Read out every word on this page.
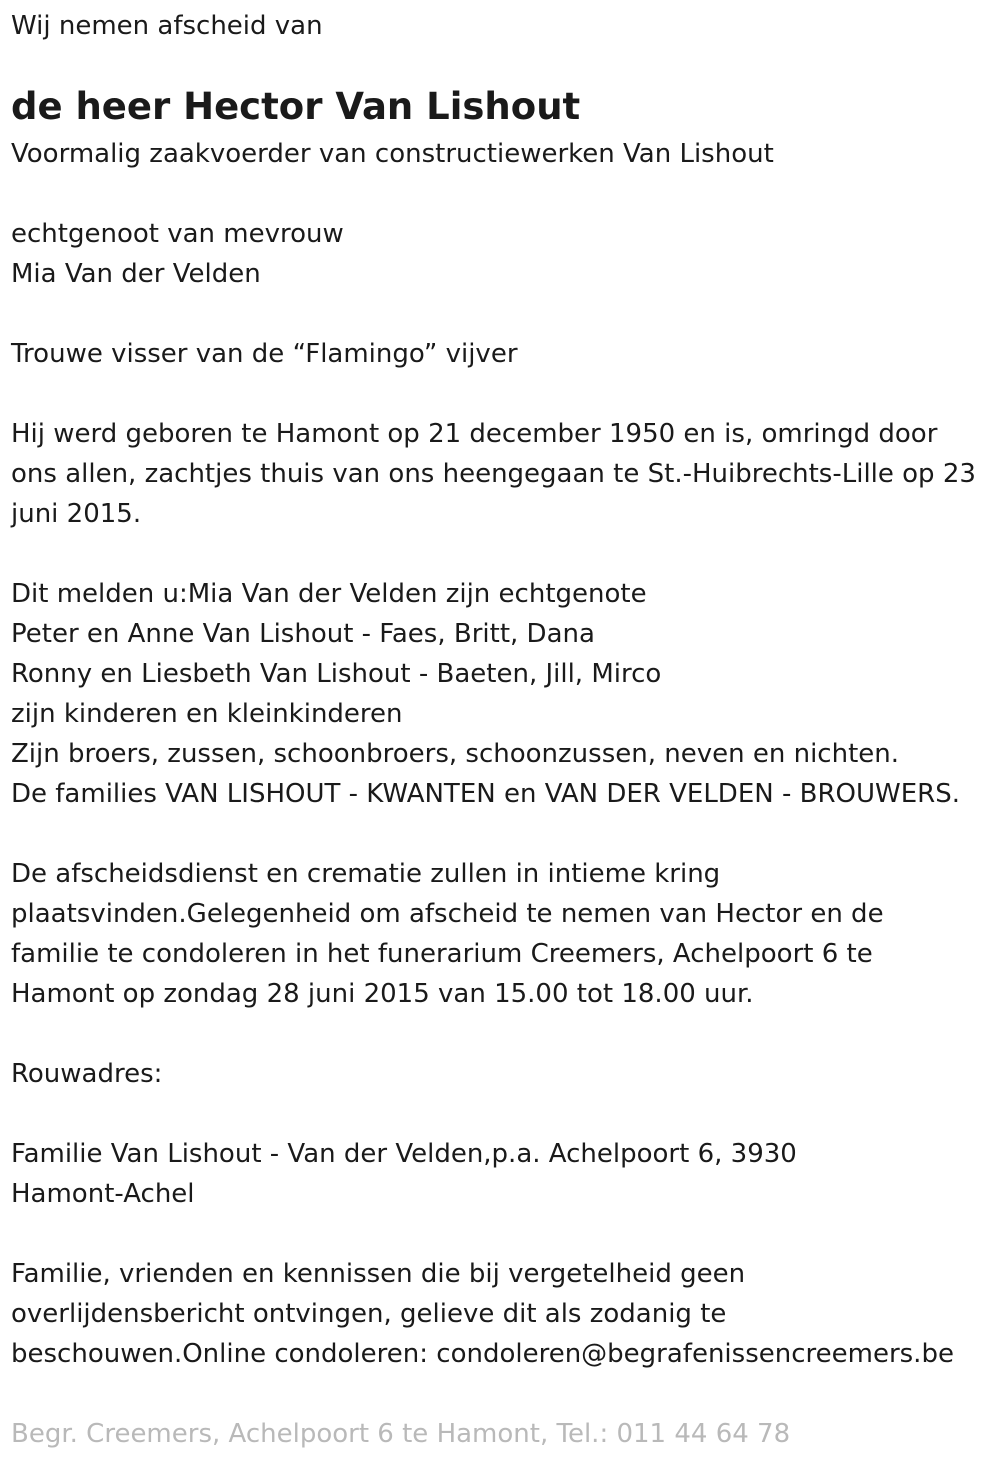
Wij nemen afscheid van
de heer Hector Van Lishout
Voormalig zaakvoerder van constructiewerken Van Lishout
echtgenoot van mevrouw
Mia Van der Velden
Trouwe visser van de “Flamingo” vijver
Hij werd geboren te Hamont op 21 december 1950 en is, omringd door
ons allen, zachtjes thuis van ons heengegaan te St.-Huibrechts-Lille op 23
juni 2015.
Dit melden u:Mia Van der Velden zijn echtgenote
Peter en Anne Van Lishout - Faes, Britt, Dana
Ronny en Liesbeth Van Lishout - Baeten, Jill, Mirco
zijn kinderen en kleinkinderen
Zijn broers, zussen, schoonbroers, schoonzussen, neven en nichten.
De families VAN LISHOUT - KWANTEN en VAN DER VELDEN - BROUWERS.
De afscheidsdienst en crematie zullen in intieme kring
plaatsvinden.Gelegenheid om afscheid te nemen van Hector en de
familie te condoleren in het funerarium Creemers, Achelpoort 6 te
Hamont op zondag 28 juni 2015 van 15.00 tot 18.00 uur.
Rouwadres:
Familie Van Lishout - Van der Velden,p.a. Achelpoort 6, 3930
Hamont-Achel
Familie, vrienden en kennissen die bij vergetelheid geen
overlijdensbericht ontvingen, gelieve dit als zodanig te
beschouwen.Online condoleren: condoleren@begrafenissencreemers.be
Begr. Creemers, Achelpoort 6 te Hamont, Tel.: 011 44 64 78
